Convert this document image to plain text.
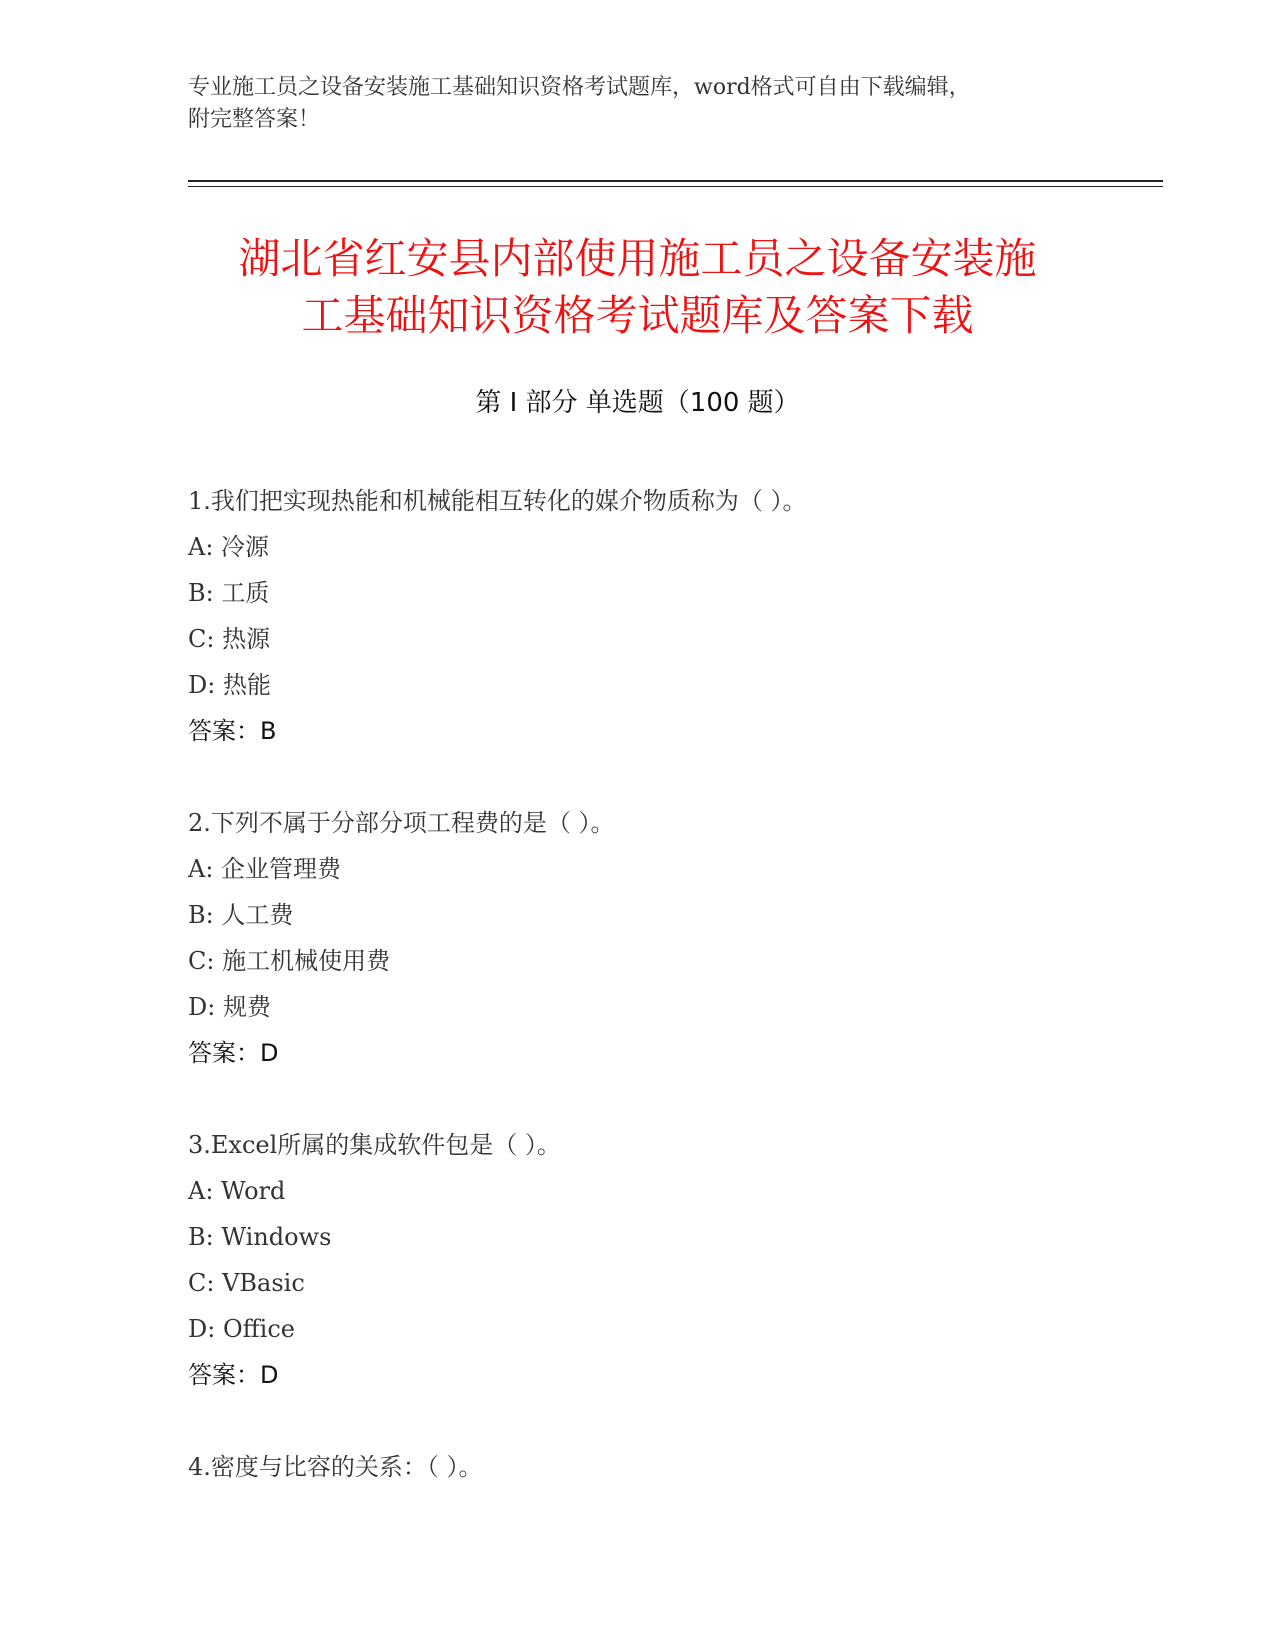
专业施工员之设备安装施工基础知识资格考试题库，word格式可自由下载编辑，
附完整答案！
湖北省红安县内部使用施工员之设备安装施
工基础知识资格考试题库及答案下载
第 I 部分 单选题（100 题）
1.我们把实现热能和机械能相互转化的媒介物质称为（ ）。
A: 冷源
B: 工质
C: 热源
D: 热能
答案：B
2.下列不属于分部分项工程费的是（ ）。
A: 企业管理费
B: 人工费
C: 施工机械使用费
D: 规费
答案：D
3.Excel所属的集成软件包是（ ）。
A: Word
B: Windows
C: VBasic
D: Office
答案：D
4.密度与比容的关系：（ ）。
